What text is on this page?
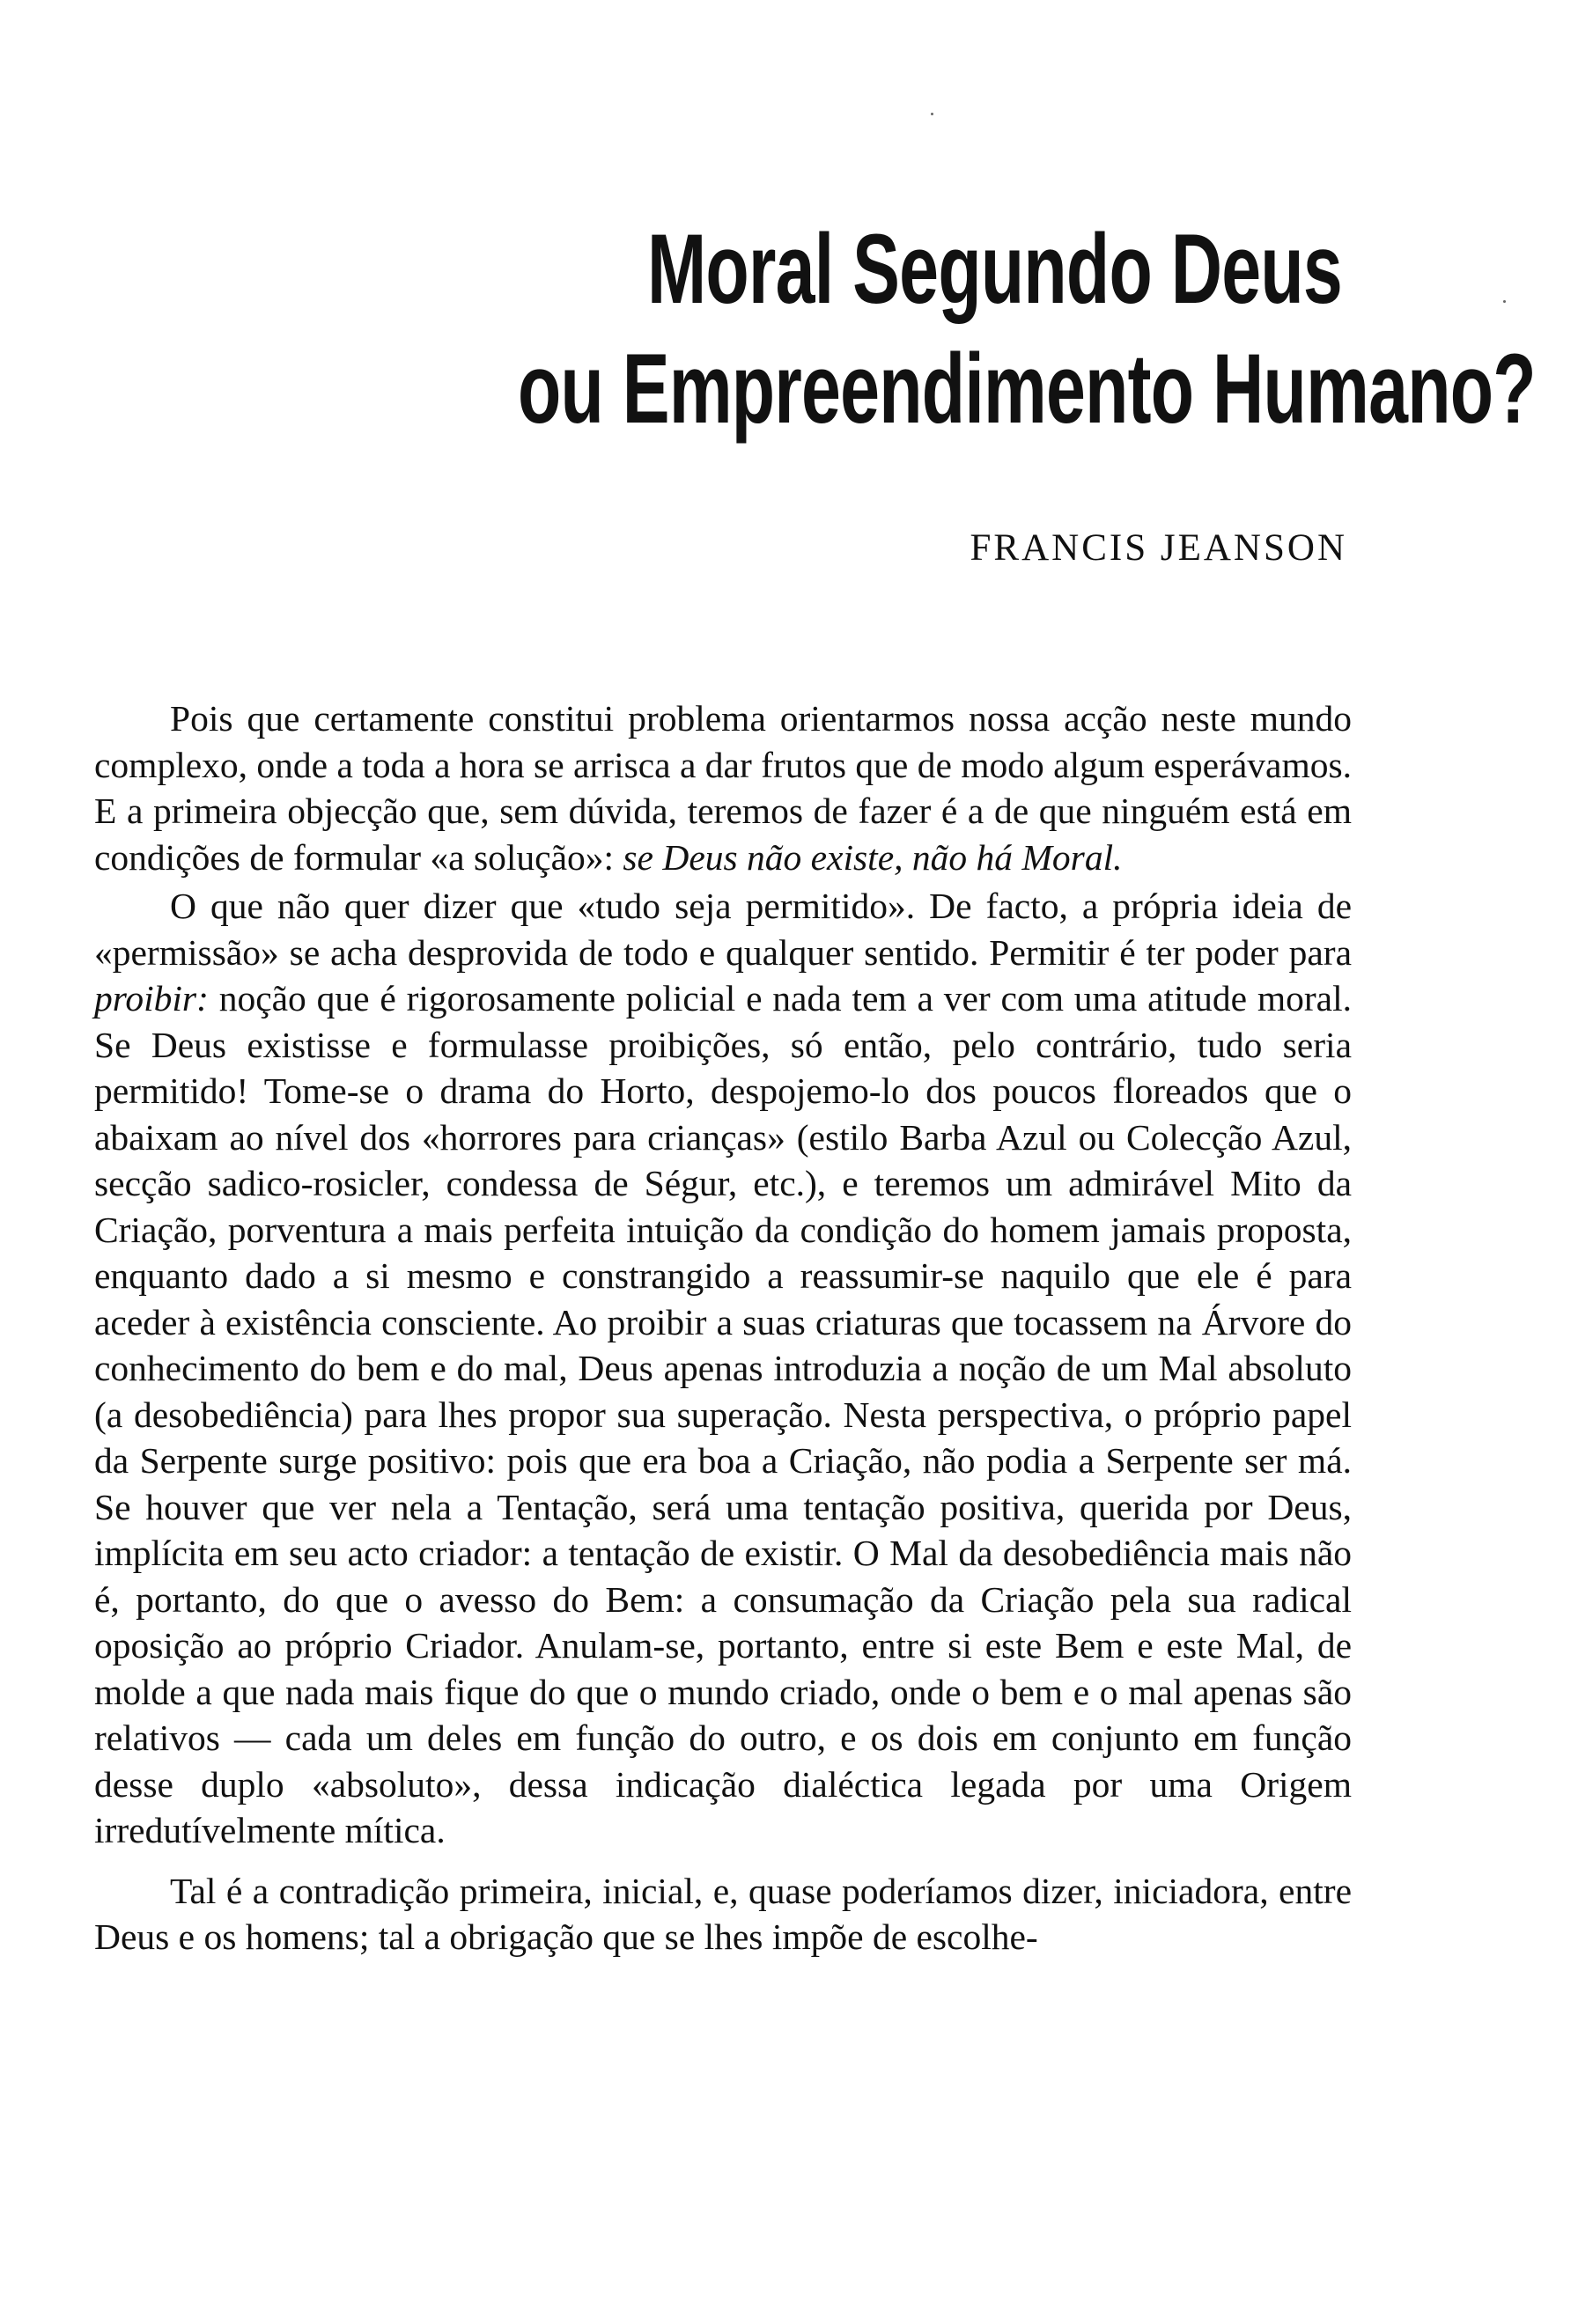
Moral Segundo Deus
ou Empreendimento Humano?

FRANCIS JEANSON

Pois que certamente constitui problema orientarmos nossa acção neste mundo complexo, onde a toda a hora se arrisca a dar frutos que de modo algum esperávamos. E a primeira objecção que, sem dúvida, teremos de fazer é a de que ninguém está em condições de formular «a solução»: se Deus não existe, não há Moral.

O que não quer dizer que «tudo seja permitido». De facto, a própria ideia de «permissão» se acha desprovida de todo e qualquer sentido. Permitir é ter poder para proibir: noção que é rigorosamente policial e nada tem a ver com uma atitude moral. Se Deus existisse e formulasse proibições, só então, pelo contrário, tudo seria permitido! Tome-se o drama do Horto, despojemo-lo dos poucos floreados que o abaixam ao nível dos «horrores para crianças» (estilo Barba Azul ou Colecção Azul, secção sadico-rosicler, condessa de Ségur, etc.), e teremos um admirável Mito da Criação, porventura a mais perfeita intuição da condição do homem jamais proposta, enquanto dado a si mesmo e constrangido a reassumir-se naquilo que ele é para aceder à existência consciente. Ao proibir a suas criaturas que tocassem na Árvore do conhecimento do bem e do mal, Deus apenas introduzia a noção de um Mal absoluto (a desobediência) para lhes propor sua superação. Nesta perspectiva, o próprio papel da Serpente surge positivo: pois que era boa a Criação, não podia a Serpente ser má. Se houver que ver nela a Tentação, será uma tentação positiva, querida por Deus, implícita em seu acto criador: a tentação de existir. O Mal da desobediência mais não é, portanto, do que o avesso do Bem: a consumação da Criação pela sua radical oposição ao próprio Criador. Anulam-se, portanto, entre si este Bem e este Mal, de molde a que nada mais fique do que o mundo criado, onde o bem e o mal apenas são relativos — cada um deles em função do outro, e os dois em conjunto em função desse duplo «absoluto», dessa indicação dialéctica legada por uma Origem irredutívelmente mítica.

Tal é a contradição primeira, inicial, e, quase poderíamos dizer, iniciadora, entre Deus e os homens; tal a obrigação que se lhes impõe de escolhe-
